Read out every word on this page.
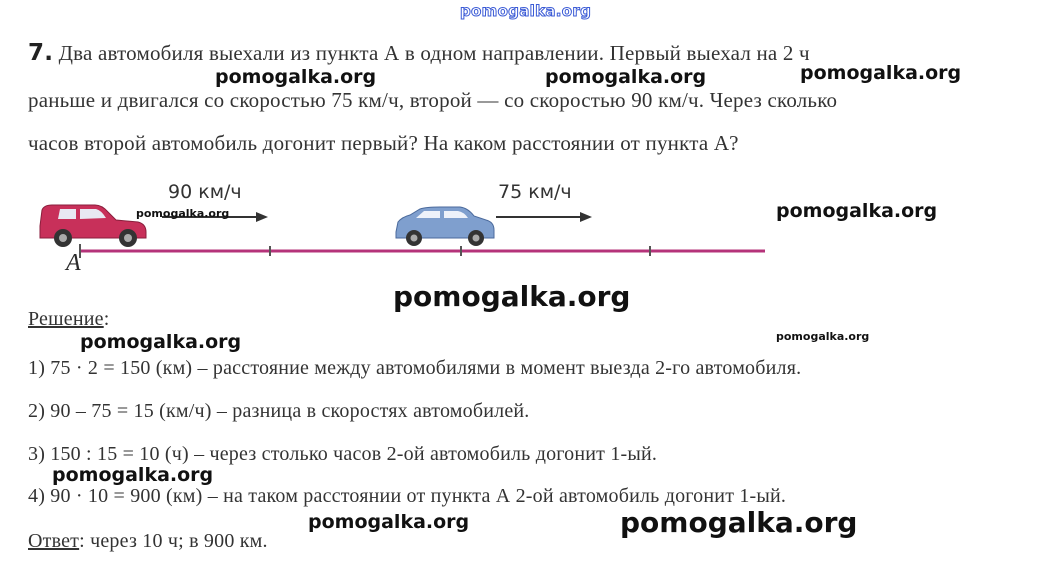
pomogalka.org
7. Два автомобиля выехали из пункта А в одном направлении. Первый выехал на 2 ч
раньше и двигался со скоростью 75 км/ч, второй — со скоростью 90 км/ч. Через сколько
часов второй автомобиль догонит первый? На каком расстоянии от пункта А?
pomogalka.org	pomogalka.org	pomogalka.org
90 км/ч	75 км/ч
A
pomogalka.org	pomogalka.org
pomogalka.org
Решение:
pomogalka.org	pomogalka.org
1) 75 · 2 = 150 (км) – расстояние между автомобилями в момент выезда 2-го автомобиля.
2) 90 – 75 = 15 (км/ч) – разница в скоростях автомобилей.
3) 150 : 15 = 10 (ч) – через столько часов 2-ой автомобиль догонит 1-ый.
pomogalka.org
4) 90 · 10 = 900 (км) – на таком расстоянии от пункта А 2-ой автомобиль догонит 1-ый.
pomogalka.org	pomogalka.org
Ответ: через 10 ч; в 900 км.
